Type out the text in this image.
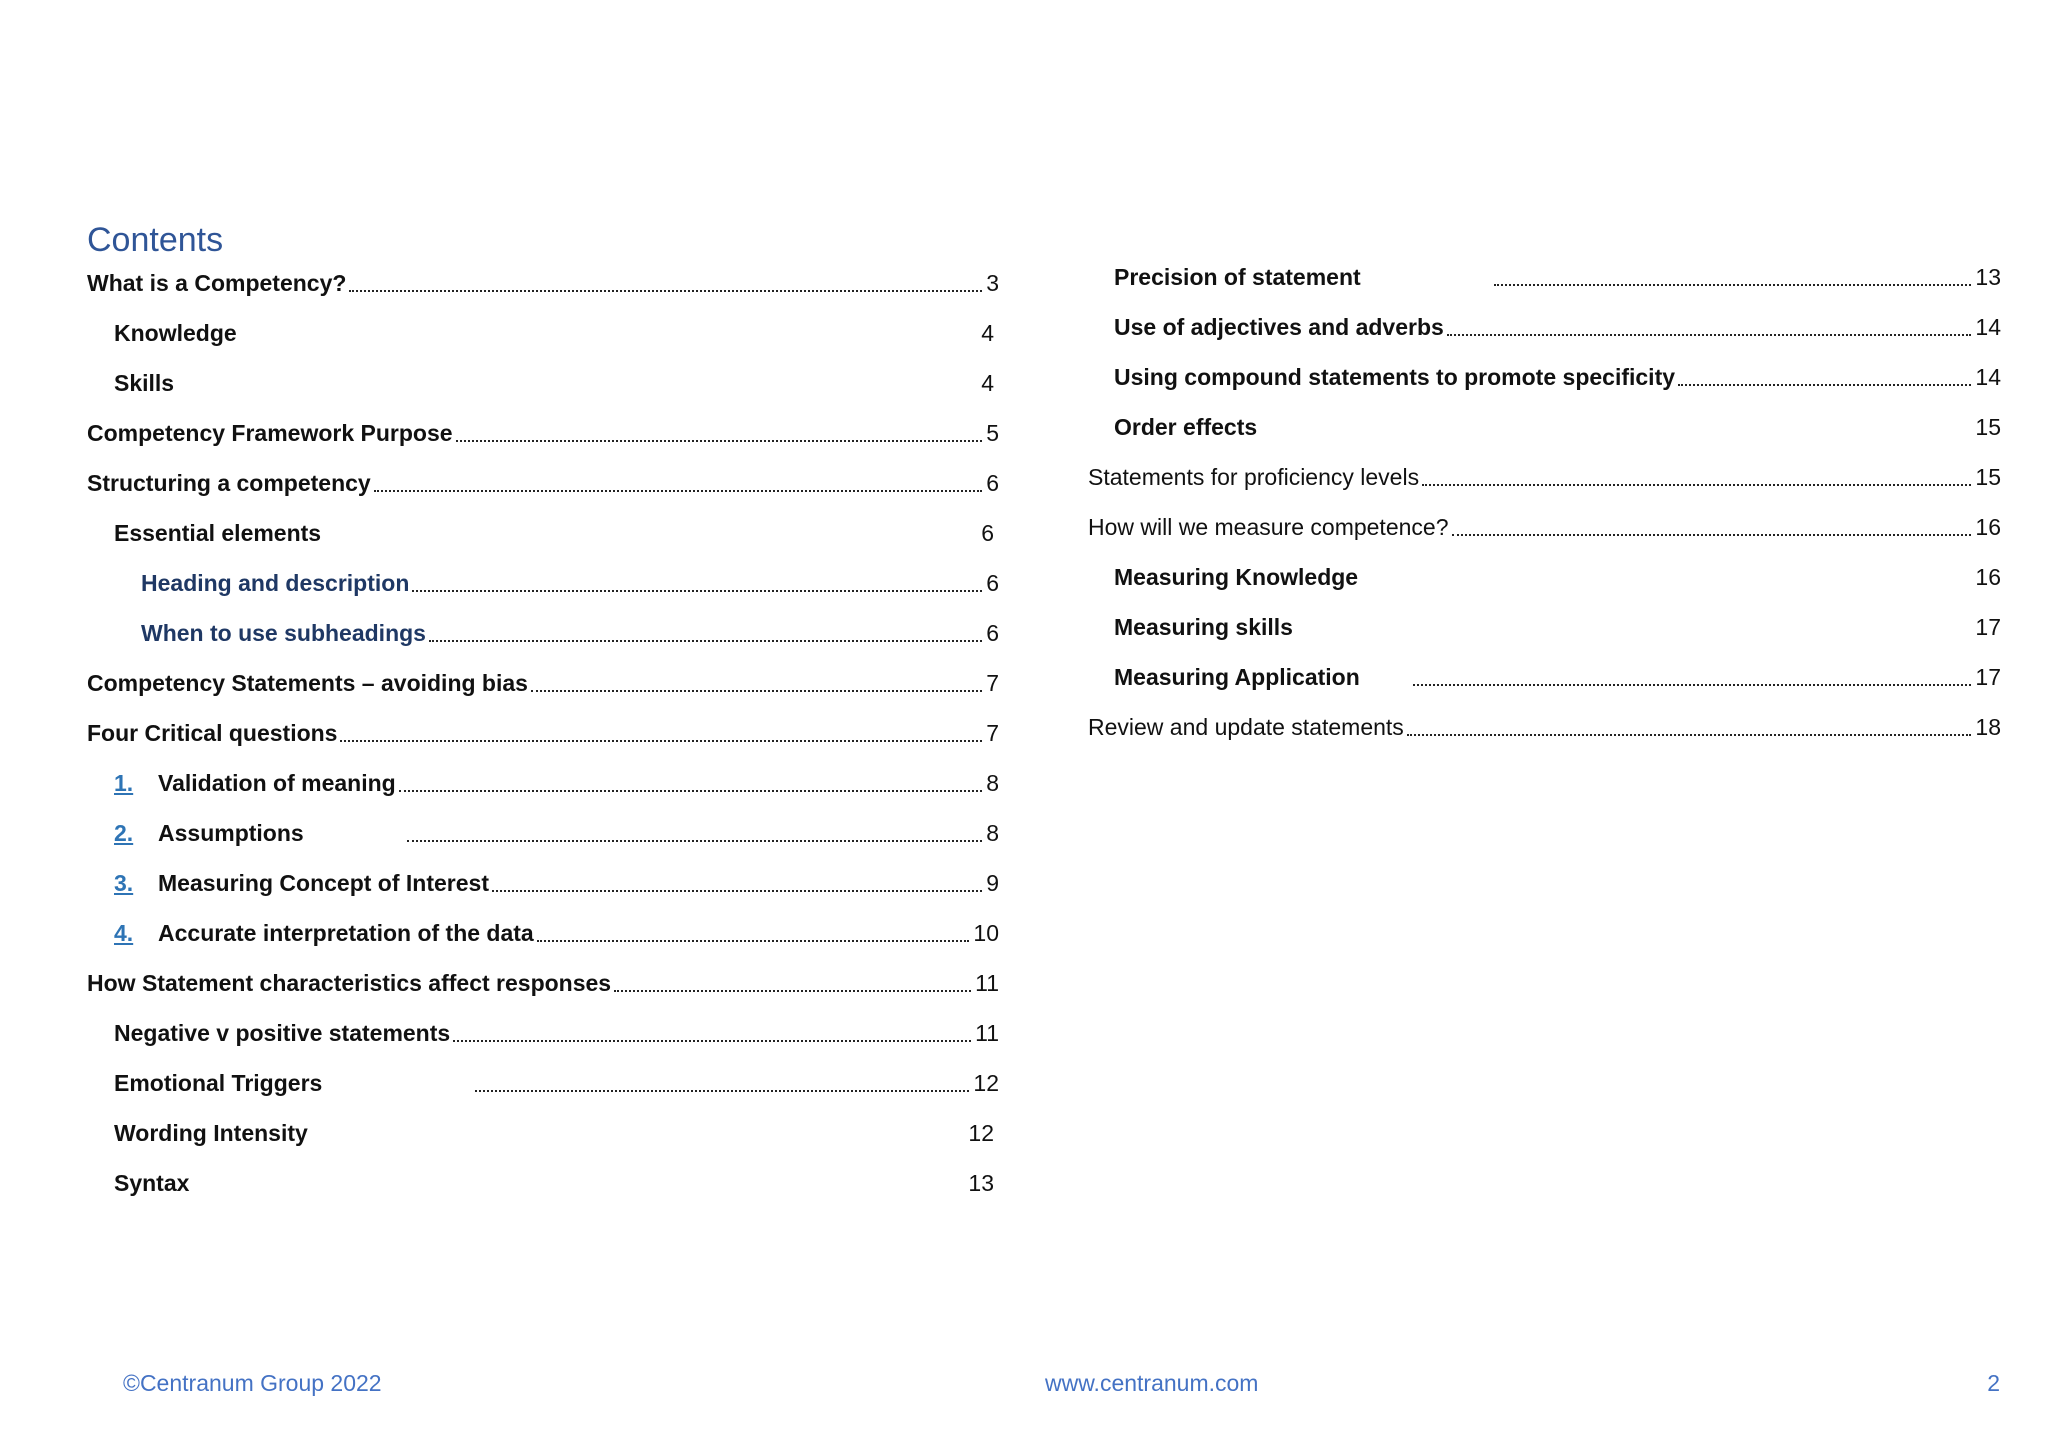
Contents
What is a Competency?	3
Knowledge	4
Skills	4
Competency Framework Purpose	5
Structuring a competency	6
Essential elements	6
Heading and description	6
When to use subheadings	6
Competency Statements – avoiding bias	7
Four Critical questions	7
1.	Validation of meaning	8
2.	Assumptions	8
3.	Measuring Concept of Interest	9
4.	Accurate interpretation of the data	10
How Statement characteristics affect responses	11
Negative v positive statements	11
Emotional Triggers	12
Wording Intensity	12
Syntax	13
Precision of statement	13
Use of adjectives and adverbs	14
Using compound statements to promote specificity	14
Order effects	15
Statements for proficiency levels	15
How will we measure competence?	16
Measuring Knowledge	16
Measuring skills	17
Measuring Application	17
Review and update statements	18
©Centranum Group 2022	www.centranum.com	2
